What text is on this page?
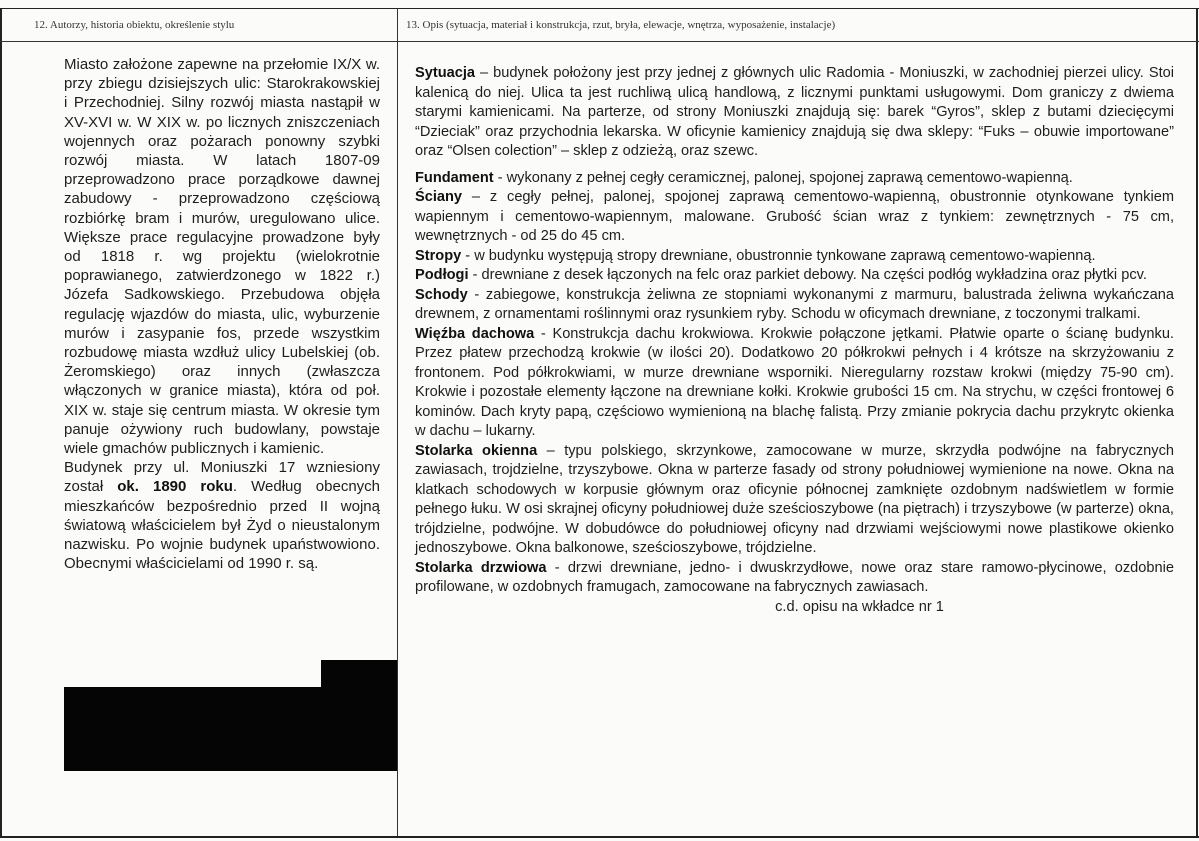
12. Autorzy, historia obiektu, określenie stylu	13. Opis (sytuacja, materiał i konstrukcja, rzut, bryła, elewacje, wnętrza, wyposażenie, instalacje)

Miasto założone zapewne na przełomie IX/X w. przy zbiegu dzisiejszych ulic: Starokrakowskiej i Przechodniej. Silny rozwój miasta nastąpił w XV-XVI w. W XIX w. po licznych zniszczeniach wojennych oraz pożarach ponowny szybki rozwój miasta. W latach 1807-09 przeprowadzono prace porządkowe dawnej zabudowy - przeprowadzono częściową rozbiórkę bram i murów, uregulowano ulice. Większe prace regulacyjne prowadzone były od 1818 r. wg projektu (wielokrotnie poprawianego, zatwierdzonego w 1822 r.) Józefa Sadkowskiego. Przebudowa objęła regulację wjazdów do miasta, ulic, wyburzenie murów i zasypanie fos, przede wszystkim rozbudowę miasta wzdłuż ulicy Lubelskiej (ob. Żeromskiego) oraz innych (zwłaszcza włączonych w granice miasta), która od poł. XIX w. staje się centrum miasta. W okresie tym panuje ożywiony ruch budowlany, powstaje wiele gmachów publicznych i kamienic.

Budynek przy ul. Moniuszki 17 wzniesiony został ok. 1890 roku. Według obecnych mieszkańców bezpośrednio przed II wojną światową właścicielem był Żyd o nieustalonym nazwisku. Po wojnie budynek upaństwowiono. Obecnymi właścicielami od 1990 r. są.

Sytuacja – budynek położony jest przy jednej z głównych ulic Radomia - Moniuszki, w zachodniej pierzei ulicy. Stoi kalenicą do niej. Ulica ta jest ruchliwą ulicą handlową, z licznymi punktami usługowymi. Dom graniczy z dwiema starymi kamienicami. Na parterze, od strony Moniuszki znajdują się: barek “Gyros”, sklep z butami dziecięcymi “Dzieciak” oraz przychodnia lekarska. W oficynie kamienicy znajdują się dwa sklepy: “Fuks – obuwie importowane” oraz “Olsen colection” – sklep z odzieżą, oraz szewc.

Fundament - wykonany z pełnej cegły ceramicznej, palonej, spojonej zaprawą cementowo-wapienną.

Ściany – z cegły pełnej, palonej, spojonej zaprawą cementowo-wapienną, obustronnie otynkowane tynkiem wapiennym i cementowo-wapiennym, malowane. Grubość ścian wraz z tynkiem: zewnętrznych - 75 cm, wewnętrznych - od 25 do 45 cm.

Stropy - w budynku występują stropy drewniane, obustronnie tynkowane zaprawą cementowo-wapienną.

Podłogi - drewniane z desek łączonych na felc oraz parkiet debowy. Na części podłóg wykładzina oraz płytki pcv.

Schody - zabiegowe, konstrukcja żeliwna ze stopniami wykonanymi z marmuru, balustrada żeliwna wykańczana drewnem, z ornamentami roślinnymi oraz rysunkiem ryby. Schodu w oficymach drewniane, z toczonymi tralkami.

Więźba dachowa - Konstrukcja dachu krokwiowa. Krokwie połączone jętkami. Płatwie oparte o ścianę budynku. Przez płatew przechodzą krokwie (w ilości 20). Dodatkowo 20 półkrokwi pełnych i 4 krótsze na skrzyżowaniu z frontonem. Pod półkrokwiami, w murze drewniane wsporniki. Nieregularny rozstaw krokwi (między 75-90 cm). Krokwie i pozostałe elementy łączone na drewniane kołki. Krokwie grubości 15 cm. Na strychu, w części frontowej 6 kominów. Dach kryty papą, częściowo wymienioną na blachę falistą. Przy zmianie pokrycia dachu przykrytc okienka w dachu – lukarny.

Stolarka okienna – typu polskiego, skrzynkowe, zamocowane w murze, skrzydła podwójne na fabrycznych zawiasach, trojdzielne, trzyszybowe. Okna w parterze fasady od strony południowej wymienione na nowe. Okna na klatkach schodowych w korpusie głównym oraz oficynie północnej zamknięte ozdobnym nadświetlem w formie pełnego łuku. W osi skrajnej oficyny południowej duże sześcioszybowe (na piętrach) i trzyszybowe (w parterze) okna, trójdzielne, podwójne. W dobudówce do południowej oficyny nad drzwiami wejściowymi nowe plastikowe okienko jednoszybowe. Okna balkonowe, sześcioszybowe, trójdzielne.

Stolarka drzwiowa - drzwi drewniane, jedno- i dwuskrzydłowe, nowe oraz stare ramowo-płycinowe, ozdobnie profilowane, w ozdobnych framugach, zamocowane na fabrycznych zawiasach.

c.d. opisu na wkładce nr 1
